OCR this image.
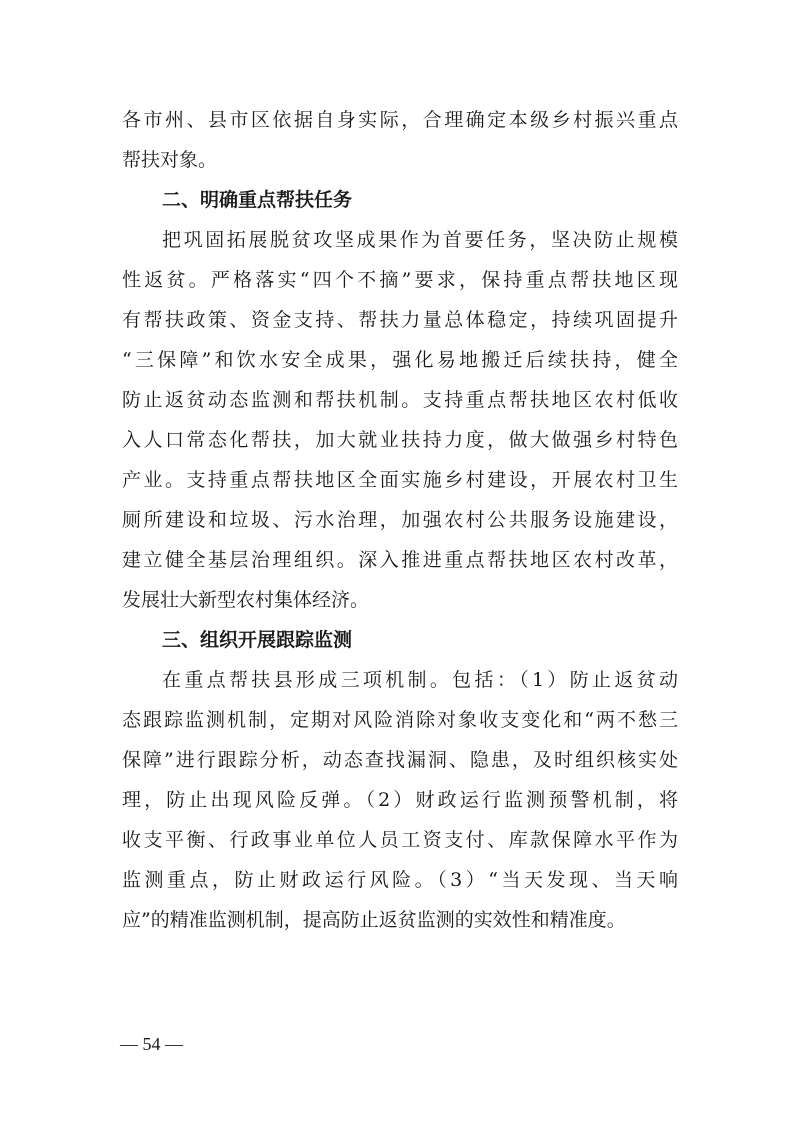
各市州、县市区依据自身实际，合理确定本级乡村振兴重点
帮扶对象。
二、明确重点帮扶任务
把巩固拓展脱贫攻坚成果作为首要任务，坚决防止规模
性返贫。严格落实“四个不摘”要求，保持重点帮扶地区现
有帮扶政策、资金支持、帮扶力量总体稳定，持续巩固提升
“三保障”和饮水安全成果，强化易地搬迁后续扶持，健全
防止返贫动态监测和帮扶机制。支持重点帮扶地区农村低收
入人口常态化帮扶，加大就业扶持力度，做大做强乡村特色
产业。支持重点帮扶地区全面实施乡村建设，开展农村卫生
厕所建设和垃圾、污水治理，加强农村公共服务设施建设，
建立健全基层治理组织。深入推进重点帮扶地区农村改革，
发展壮大新型农村集体经济。
三、组织开展跟踪监测
在重点帮扶县形成三项机制。包括：（1）防止返贫动
态跟踪监测机制，定期对风险消除对象收支变化和“两不愁三
保障”进行跟踪分析，动态查找漏洞、隐患，及时组织核实处
理，防止出现风险反弹。（2）财政运行监测预警机制，将
收支平衡、行政事业单位人员工资支付、库款保障水平作为
监测重点，防止财政运行风险。（3）“当天发现、当天响
应”的精准监测机制，提高防止返贫监测的实效性和精准度。
— 54 —
